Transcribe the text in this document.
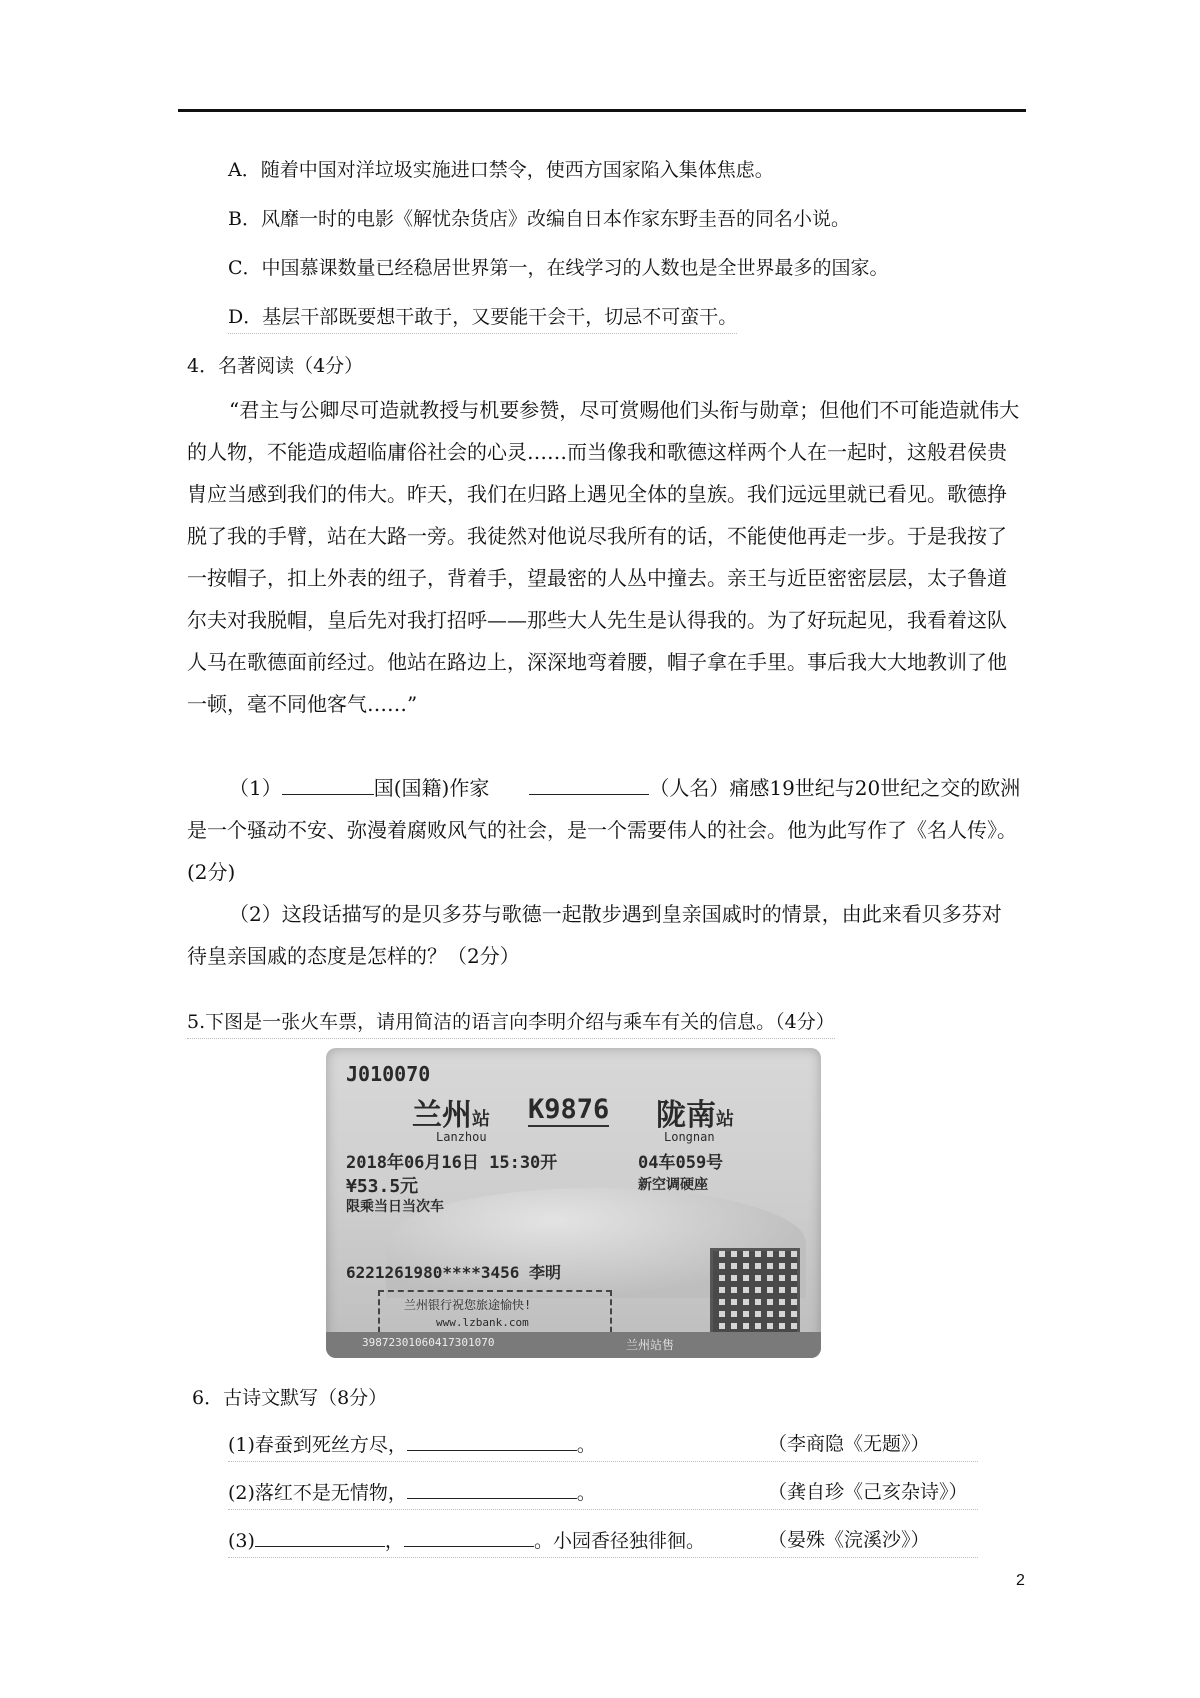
A．随着中国对洋垃圾实施进口禁令，使西方国家陷入集体焦虑。
B．风靡一时的电影《解忧杂货店》改编自日本作家东野圭吾的同名小说。
C．中国慕课数量已经稳居世界第一，在线学习的人数也是全世界最多的国家。
D．基层干部既要想干敢于，又要能干会干，切忌不可蛮干。
4．名著阅读（4分）
“君主与公卿尽可造就教授与机要参赞，尽可赏赐他们头衔与勋章；但他们不可能造就伟大的人物，不能造成超临庸俗社会的心灵……而当像我和歌德这样两个人在一起时，这般君侯贵胄应当感到我们的伟大。昨天，我们在归路上遇见全体的皇族。我们远远里就已看见。歌德挣脱了我的手臂，站在大路一旁。我徒然对他说尽我所有的话，不能使他再走一步。于是我按了一按帽子，扣上外表的纽子，背着手，望最密的人丛中撞去。亲王与近臣密密层层，太子鲁道尔夫对我脱帽，皇后先对我打招呼——那些大人先生是认得我的。为了好玩起见，我看着这队人马在歌德面前经过。他站在路边上，深深地弯着腰，帽子拿在手里。事后我大大地教训了他一顿，毫不同他客气……”
（1）	国(国籍)作家	（人名）痛感19世纪与20世纪之交的欧洲是一个骚动不安、弥漫着腐败风气的社会，是一个需要伟人的社会。他为此写作了《名人传》。(2分)
（2）这段话描写的是贝多芬与歌德一起散步遇到皇亲国戚时的情景，由此来看贝多芬对待皇亲国戚的态度是怎样的？（2分）
5.下图是一张火车票，请用简洁的语言向李明介绍与乘车有关的信息。（4分）
J010070
兰州站 K9876 陇南站
Lanzhou	Longnan
2018年06月16日 15:30开	04车059号
¥53.5元	新空调硬座
限乘当日当次车
6221261980****3456 李明
兰州银行祝您旅途愉快!
www.lzbank.com
39872301060417301070	兰州站售
6．古诗文默写（8分）
(1)春蚕到死丝方尽，	。	（李商隐《无题》）
(2)落红不是无情物，	。	（龚自珍《己亥杂诗》）
(3)	，	。小园香径独徘徊。	（晏殊《浣溪沙》）
2
